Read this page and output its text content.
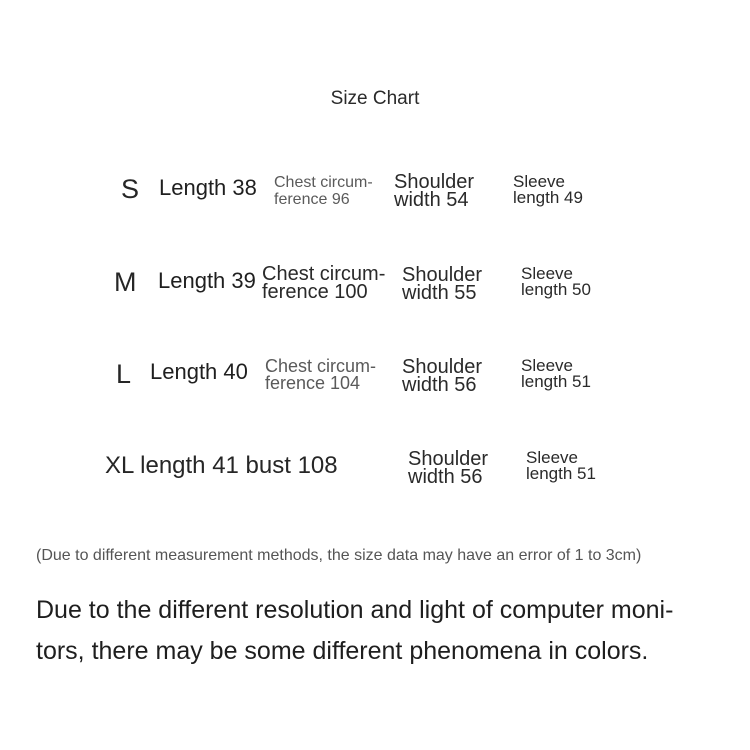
Size Chart
S Length 38 Chest circum-
ference 96
Shoulder
width 54
Sleeve
length 49
M Length 39 Chest circum-
ference 100
Shoulder
width 55
Sleeve
length 50
L Length 40 Chest circum-
ference 104
Shoulder
width 56
Sleeve
length 51
XL length 41 bust 108	Shoulder
width 56
Sleeve
length 51
(Due to different measurement methods, the size data may have an error of 1 to 3cm)
Due to the different resolution and light of computer moni-
tors, there may be some different phenomena in colors.
